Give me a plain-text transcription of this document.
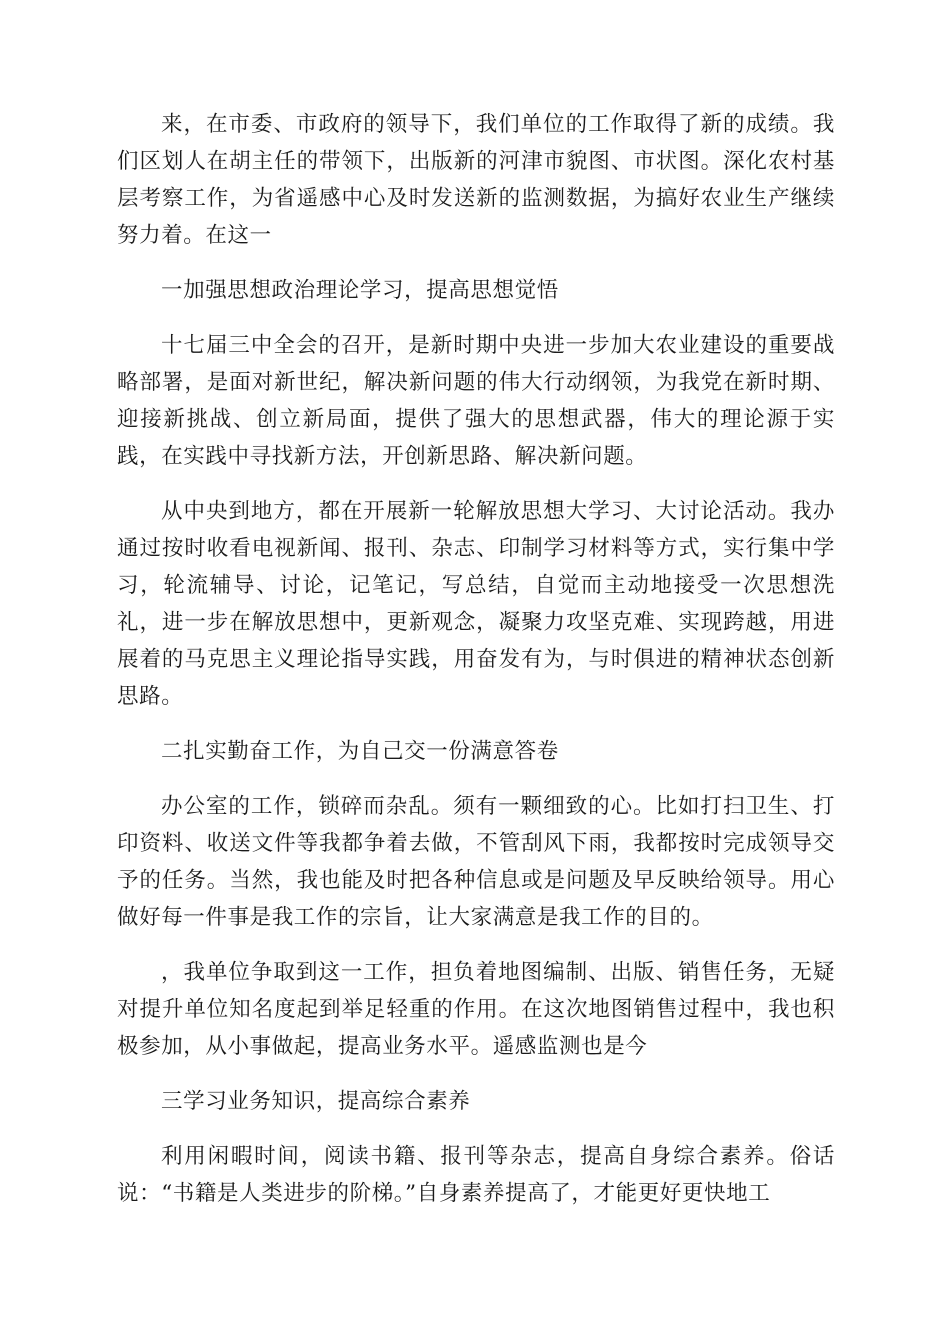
来，在市委、市政府的领导下，我们单位的工作取得了新的成绩。我们区划人在胡主任的带领下，出版新的河津市貌图、市状图。深化农村基层考察工作，为省遥感中心及时发送新的监测数据，为搞好农业生产继续努力着。在这一

一加强思想政治理论学习，提高思想觉悟

十七届三中全会的召开，是新时期中央进一步加大农业建设的重要战略部署，是面对新世纪，解决新问题的伟大行动纲领，为我党在新时期、迎接新挑战、创立新局面，提供了强大的思想武器，伟大的理论源于实践，在实践中寻找新方法，开创新思路、解决新问题。

从中央到地方，都在开展新一轮解放思想大学习、大讨论活动。我办通过按时收看电视新闻、报刊、杂志、印制学习材料等方式，实行集中学习，轮流辅导、讨论，记笔记，写总结，自觉而主动地接受一次思想洗礼，进一步在解放思想中，更新观念，凝聚力攻坚克难、实现跨越，用进展着的马克思主义理论指导实践，用奋发有为，与时俱进的精神状态创新思路。

二扎实勤奋工作，为自己交一份满意答卷

办公室的工作，锁碎而杂乱。须有一颗细致的心。比如打扫卫生、打印资料、收送文件等我都争着去做，不管刮风下雨，我都按时完成领导交予的任务。当然，我也能及时把各种信息或是问题及早反映给领导。用心做好每一件事是我工作的宗旨，让大家满意是我工作的目的。

，我单位争取到这一工作，担负着地图编制、出版、销售任务，无疑对提升单位知名度起到举足轻重的作用。在这次地图销售过程中，我也积极参加，从小事做起，提高业务水平。遥感监测也是今

三学习业务知识，提高综合素养

利用闲暇时间，阅读书籍、报刊等杂志，提高自身综合素养。俗话说：“书籍是人类进步的阶梯。”自身素养提高了，才能更好更快地工
